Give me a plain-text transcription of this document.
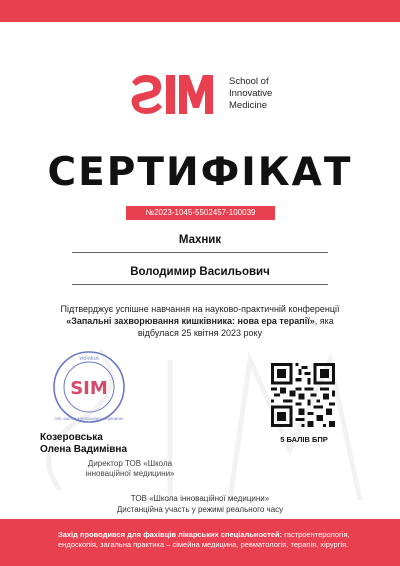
School of
Innovative
Medicine
СЕРТИФІКАТ
№2023-1045-5502457-100039
Махник
Володимир Васильович
Підтверджує успішне навчання на науково-практичній конференції «Запальні захворювання кишківника: нова ера терапії», яка відбулася 25 квітня 2023 року
УКРАЇНА
ТОВ «ШКОЛА ІННОВАЦІЙНОЇ МЕДИЦИНИ»
SIM
5 БАЛІВ БПР
Козеровська
Олена Вадимівна
Директор ТОВ «Школа інноваційної медицини»
ТОВ «Школа інноваційної медицини»
Дистанційна участь у режимі реального часу
Захід проводився для фахівців лікарських спеціальностей: гастроентерологія, ендоскопія, загальна практика – сімейна медицина, ревматологія, терапія, хірургія.
